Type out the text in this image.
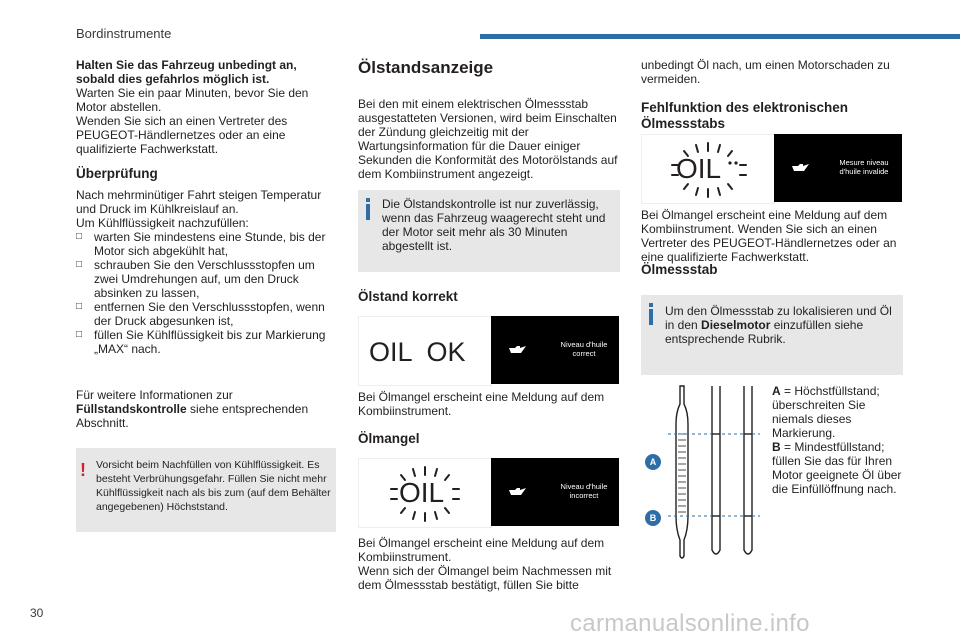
Bordinstrumente
Halten Sie das Fahrzeug unbedingt an, sobald dies gefahrlos möglich ist.
Warten Sie ein paar Minuten, bevor Sie den Motor abstellen.
Wenden Sie sich an einen Vertreter des PEUGEOT-Händlernetzes oder an eine qualifizierte Fachwerkstatt.
Überprüfung
Nach mehrminütiger Fahrt steigen Temperatur und Druck im Kühlkreislauf an.
Um Kühlflüssigkeit nachzufüllen:
□ warten Sie mindestens eine Stunde, bis der Motor sich abgekühlt hat,
□ schrauben Sie den Verschlussstopfen um zwei Umdrehungen auf, um den Druck absinken zu lassen,
□ entfernen Sie den Verschlussstopfen, wenn der Druck abgesunken ist,
□ füllen Sie Kühlflüssigkeit bis zur Markierung „MAX“ nach.
Für weitere Informationen zur
Füllstandskontrolle siehe entsprechenden Abschnitt.
! Vorsicht beim Nachfüllen von Kühlflüssigkeit. Es besteht Verbrühungsgefahr. Füllen Sie nicht mehr Kühlflüssigkeit nach als bis zum (auf dem Behälter angegebenen) Höchststand.
Ölstandsanzeige
Bei den mit einem elektrischen Ölmessstab ausgestatteten Versionen, wird beim Einschalten der Zündung gleichzeitig mit der Wartungsinformation für die Dauer einiger Sekunden die Konformität des Motorölstands auf dem Kombiinstrument angezeigt.
Die Ölstandskontrolle ist nur zuverlässig, wenn das Fahrzeug waagerecht steht und der Motor seit mehr als 30 Minuten abgestellt ist.
Ölstand korrekt
OIL  OK	Niveau d'huile correct
Bei Ölmangel erscheint eine Meldung auf dem Kombiinstrument.
Ölmangel
OIL	Niveau d'huile incorrect
Bei Ölmangel erscheint eine Meldung auf dem Kombiinstrument.
Wenn sich der Ölmangel beim Nachmessen mit dem Ölmessstab bestätigt, füllen Sie bitte
unbedingt Öl nach, um einen Motorschaden zu vermeiden.
Fehlfunktion des elektronischen Ölmessstabs
OIL	Mesure niveau d'huile invalide
Bei Ölmangel erscheint eine Meldung auf dem Kombiinstrument. Wenden Sie sich an einen Vertreter des PEUGEOT-Händlernetzes oder an eine qualifizierte Fachwerkstatt.
Ölmessstab
Um den Ölmessstab zu lokalisieren und Öl in den Dieselmotor einzufüllen siehe entsprechende Rubrik.
A
B
A = Höchstfüllstand; überschreiten Sie niemals dieses Markierung.
B = Mindestfüllstand; füllen Sie das für Ihren Motor geeignete Öl über die Einfüllöffnung nach.
30	carmanualsonline.info
